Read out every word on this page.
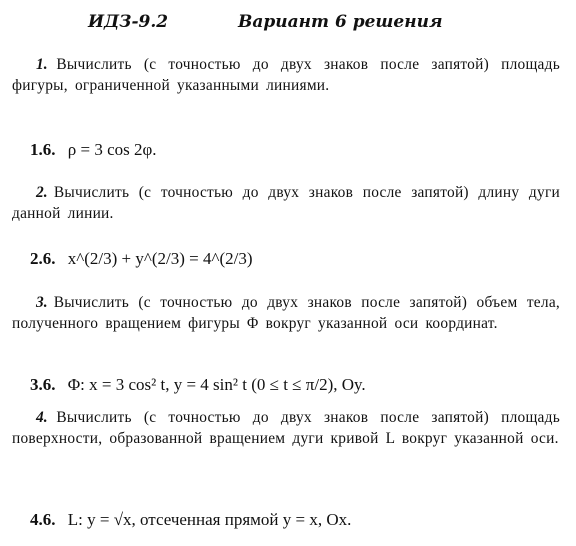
ИДЗ-9.2	Вариант 6 решения
1. Вычислить (с точностью до двух знаков после запятой) площадь фигуры, ограниченной указанными линиями.
1.6. ρ = 3 cos 2φ.
2. Вычислить (с точностью до двух знаков после запятой) длину дуги данной линии.
2.6. x^(2/3) + y^(2/3) = 4^(2/3)
3. Вычислить (с точностью до двух знаков после запятой) объем тела, полученного вращением фигуры Φ вокруг указанной оси координат.
3.6. Φ: x = 3 cos² t, y = 4 sin² t (0 ≤ t ≤ π/2), Oy.
4. Вычислить (с точностью до двух знаков после запятой) площадь поверхности, образованной вращением дуги кривой L вокруг указанной оси.
4.6. L: y = √x, отсеченная прямой y = x, Ox.
